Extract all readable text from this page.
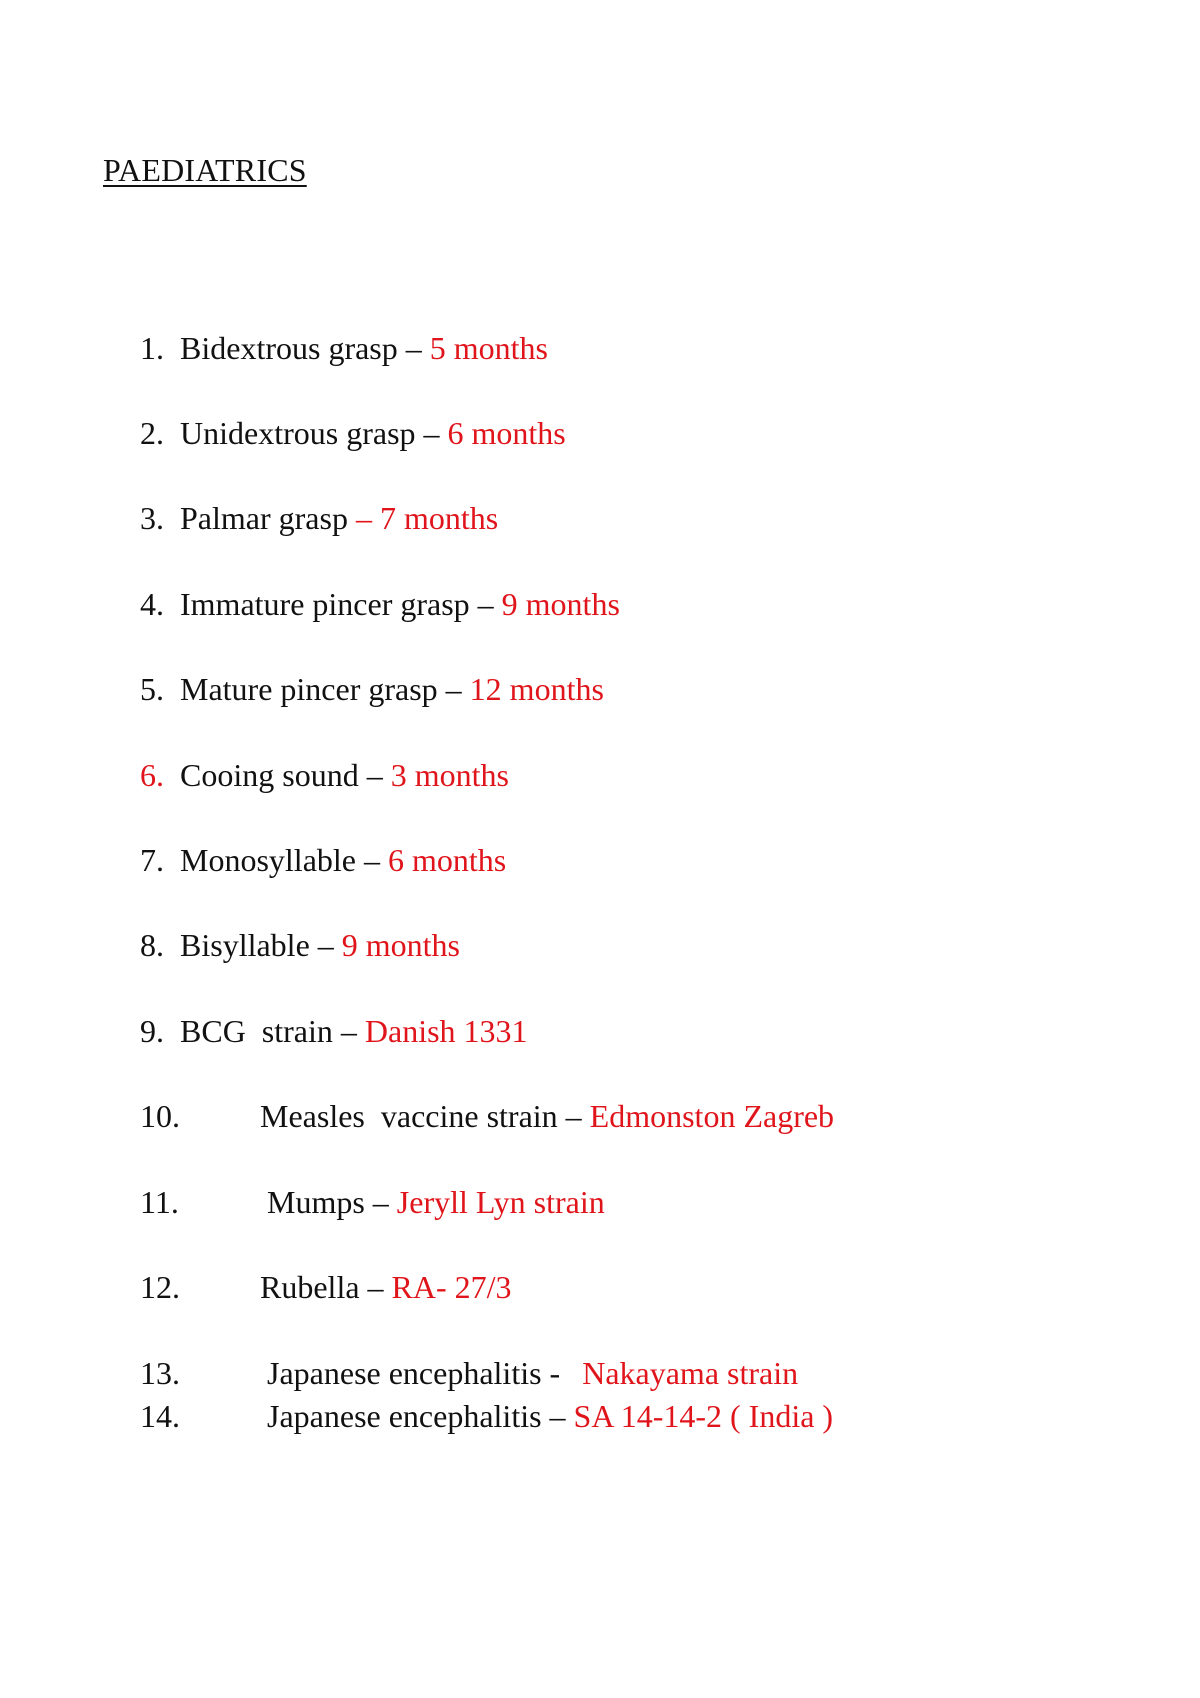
PAEDIATRICS
1. Bidextrous grasp – 5 months
2. Unidextrous grasp – 6 months
3. Palmar grasp – 7 months
4. Immature pincer grasp – 9 months
5. Mature pincer grasp – 12 months
6. Cooing sound – 3 months
7. Monosyllable – 6 months
8. Bisyllable – 9 months
9. BCG  strain – Danish 1331
10.	Measles  vaccine strain – Edmonston Zagreb
11.	Mumps – Jeryll Lyn strain
12.	Rubella – RA- 27/3
13.	Japanese encephalitis - Nakayama strain
14.	Japanese encephalitis – SA 14-14-2 ( India )
